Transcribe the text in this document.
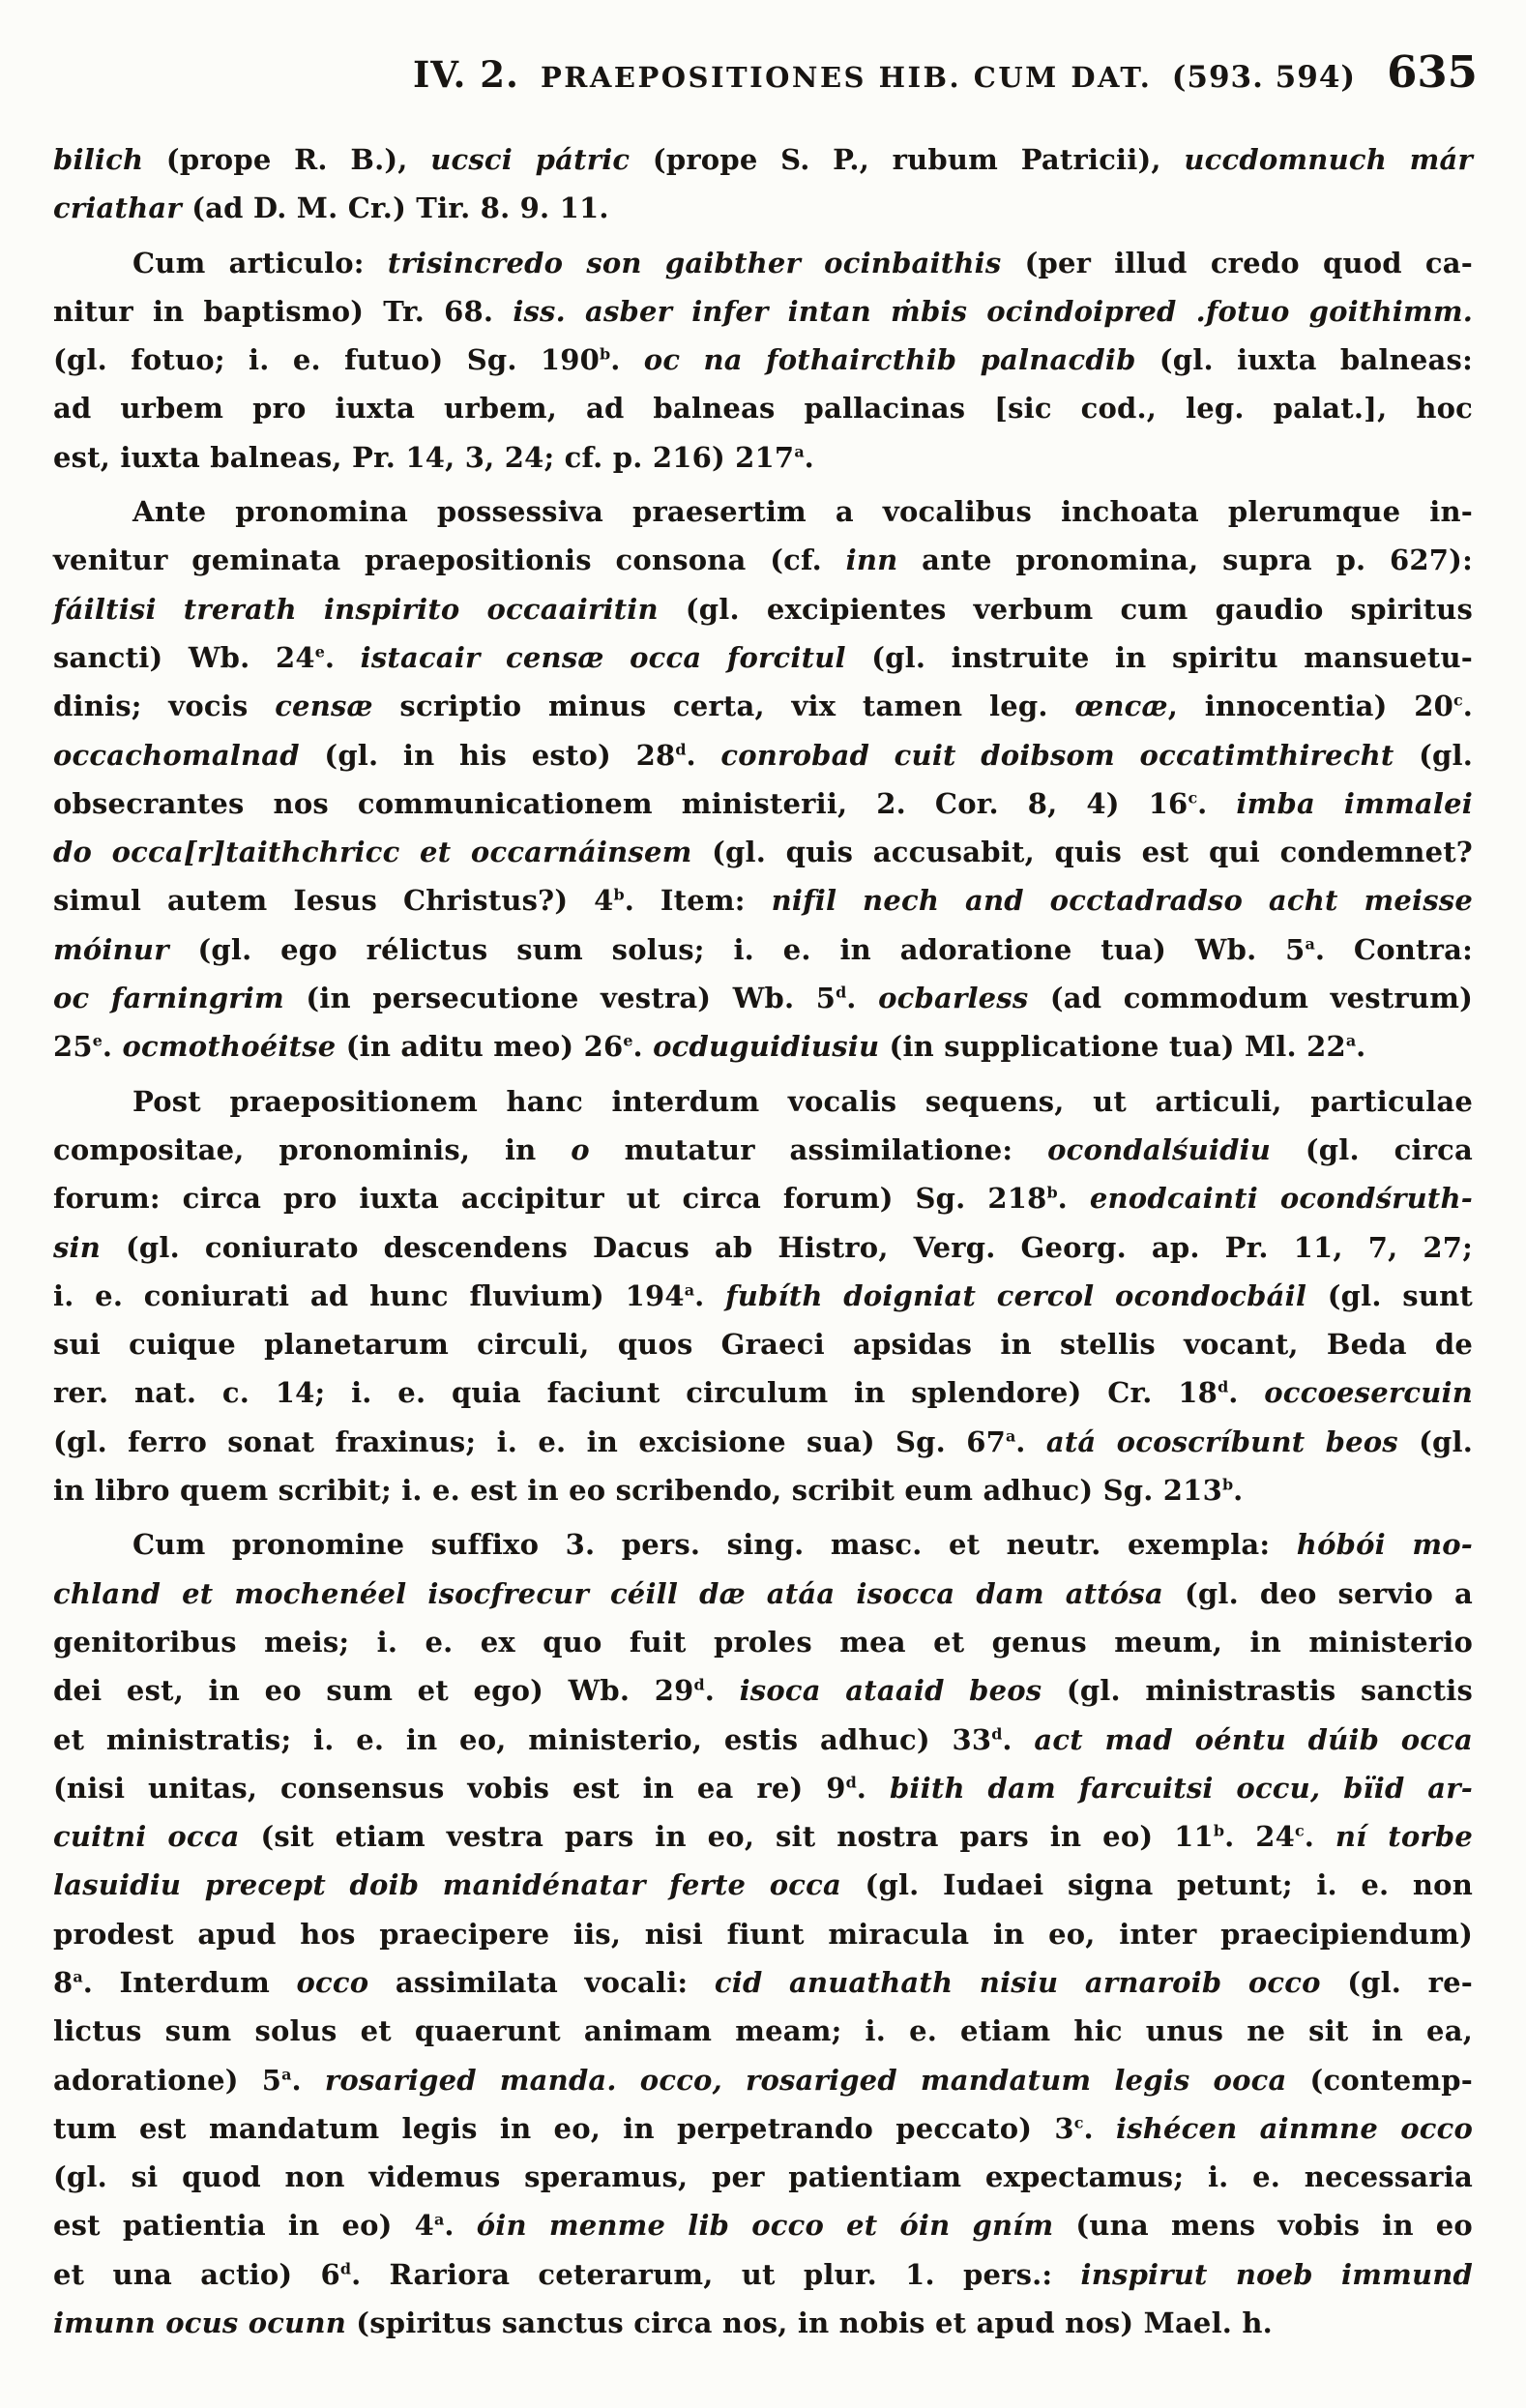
IV. 2. PRAEPOSITIONES HIB. CUM DAT. (593. 594) 635
bilich (prope R. B.), ucsci pátric (prope S. P., rubum Patricii), uccdomnuch már
criathar (ad D. M. Cr.) Tir. 8. 9. 11.
Cum articulo: trisincredo son gaibther ocinbaithis (per illud credo quod ca-
nitur in baptismo) Tr. 68. iss. asber infer intan ṁbis ocindoipred .fotuo goithimm.
(gl. fotuo; i. e. futuo) Sg. 190$^b$. oc na fothaircthib palnacdib (gl. iuxta balneas:
ad urbem pro iuxta urbem, ad balneas pallacinas [sic cod., leg. palat.], hoc
est, iuxta balneas, Pr. 14, 3, 24; cf. p. 216) 217$^a$.
Ante pronomina possessiva praesertim a vocalibus inchoata plerumque in-
venitur geminata praepositionis consona (cf. inn ante pronomina, supra p. 627):
fáiltisi trerath inspirito occaairitin (gl. excipientes verbum cum gaudio spiritus
sancti) Wb. 24e. istacair censæ occa forcitul (gl. instruite in spiritu mansuetu-
dinis; vocis censæ scriptio minus certa, vix tamen leg. œncæ, innocentia) 20$^c$.
occachomalnad (gl. in his esto) 28$^d$. conrobad cuit doibsom occatimthirecht (gl.
obsecrantes nos communicationem ministerii, 2. Cor. 8, 4) 16$^c$. imba immalei
do occa[r]taithchricc et occarnáinsem (gl. quis accusabit, quis est qui condemnet?
simul autem Iesus Christus?) 4$^b$. Item: nifil nech and occtadradso acht meisse
móinur (gl. ego rélictus sum solus; i. e. in adoratione tua) Wb. 5$^a$. Contra:
oc farningrim (in persecutione vestra) Wb. 5$^d$. ocbarless (ad commodum vestrum)
25e. ocmothoéitse (in aditu meo) 26e. ocduguidiusiu (in supplicatione tua) Ml. 22$^a$.
Post praepositionem hanc interdum vocalis sequens, ut articuli, particulae
compositae, pronominis, in o mutatur assimilatione: ocondalśuidiu (gl. circa
forum: circa pro iuxta accipitur ut circa forum) Sg. 218$^b$. enodcainti ocondśruth-
sin (gl. coniurato descendens Dacus ab Histro, Verg. Georg. ap. Pr. 11, 7, 27;
i. e. coniurati ad hunc fluvium) 194$^a$. fubíth doigniat cercol ocondocbáil (gl. sunt
sui cuique planetarum circuli, quos Graeci apsidas in stellis vocant, Beda de
rer. nat. c. 14; i. e. quia faciunt circulum in splendore) Cr. 18$^d$. occoesercuin
(gl. ferro sonat fraxinus; i. e. in excisione sua) Sg. 67$^a$. atá ocoscríbunt beos (gl.
in libro quem scribit; i. e. est in eo scribendo, scribit eum adhuc) Sg. 213$^b$.
Cum pronomine suffixo 3. pers. sing. masc. et neutr. exempla: hóbói mo-
chland et mochenéel isocfrecur céill dæ atáa isocca dam attósa (gl. deo servio a
genitoribus meis; i. e. ex quo fuit proles mea et genus meum, in ministerio
dei est, in eo sum et ego) Wb. 29$^d$. isoca ataaid beos (gl. ministrastis sanctis
et ministratis; i. e. in eo, ministerio, estis adhuc) 33$^d$. act mad oéntu dúib occa
(nisi unitas, consensus vobis est in ea re) 9$^d$. biith dam farcuitsi occu, bïid ar-
cuitni occa (sit etiam vestra pars in eo, sit nostra pars in eo) 11$^b$. 24$^c$. ní torbe
lasuidiu precept doib manidénatar ferte occa (gl. Iudaei signa petunt; i. e. non
prodest apud hos praecipere iis, nisi fiunt miracula in eo, inter praecipiendum)
8$^a$. Interdum occo assimilata vocali: cid anuathath nisiu arnaroib occo (gl. re-
lictus sum solus et quaerunt animam meam; i. e. etiam hic unus ne sit in ea,
adoratione) 5$^a$. rosariged manda. occo, rosariged mandatum legis ooca (contemp-
tum est mandatum legis in eo, in perpetrando peccato) 3$^c$. ishécen ainmne occo
(gl. si quod non videmus speramus, per patientiam expectamus; i. e. necessaria
est patientia in eo) 4$^a$. óin menme lib occo et óin gním (una mens vobis in eo
et una actio) 6$^d$. Rariora ceterarum, ut plur. 1. pers.: inspirut noeb immund
imunn ocus ocunn (spiritus sanctus circa nos, in nobis et apud nos) Mael. h.
